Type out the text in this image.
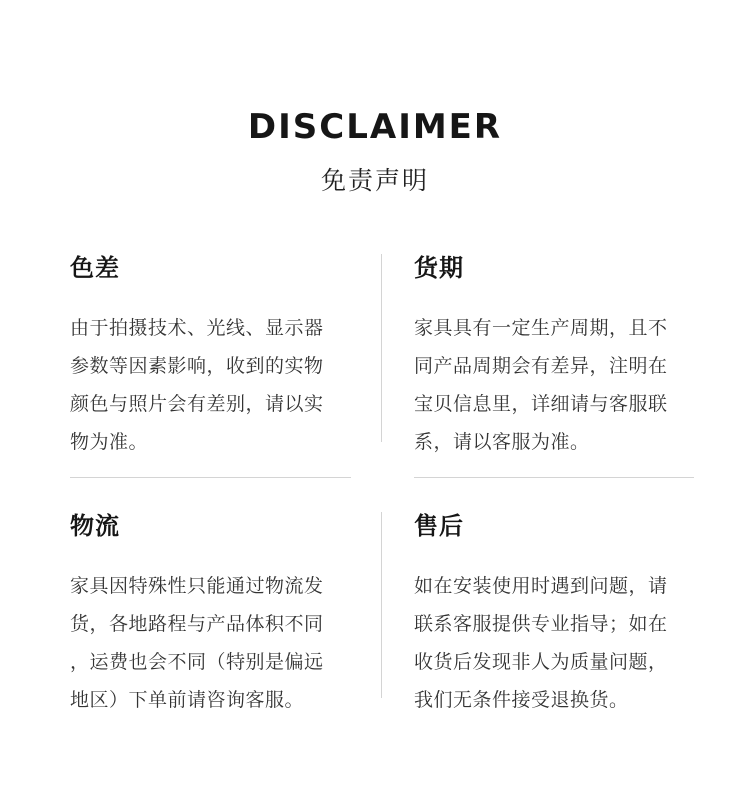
DISCLAIMER
免责声明
色差
由于拍摄技术、光线、显示器
参数等因素影响，收到的实物
颜色与照片会有差别，请以实
物为准。
货期
家具具有一定生产周期，且不
同产品周期会有差异，注明在
宝贝信息里，详细请与客服联
系，请以客服为准。
物流
家具因特殊性只能通过物流发
货，各地路程与产品体积不同
，运费也会不同（特别是偏远
地区）下单前请咨询客服。
售后
如在安装使用时遇到问题，请
联系客服提供专业指导；如在
收货后发现非人为质量问题，
我们无条件接受退换货。
